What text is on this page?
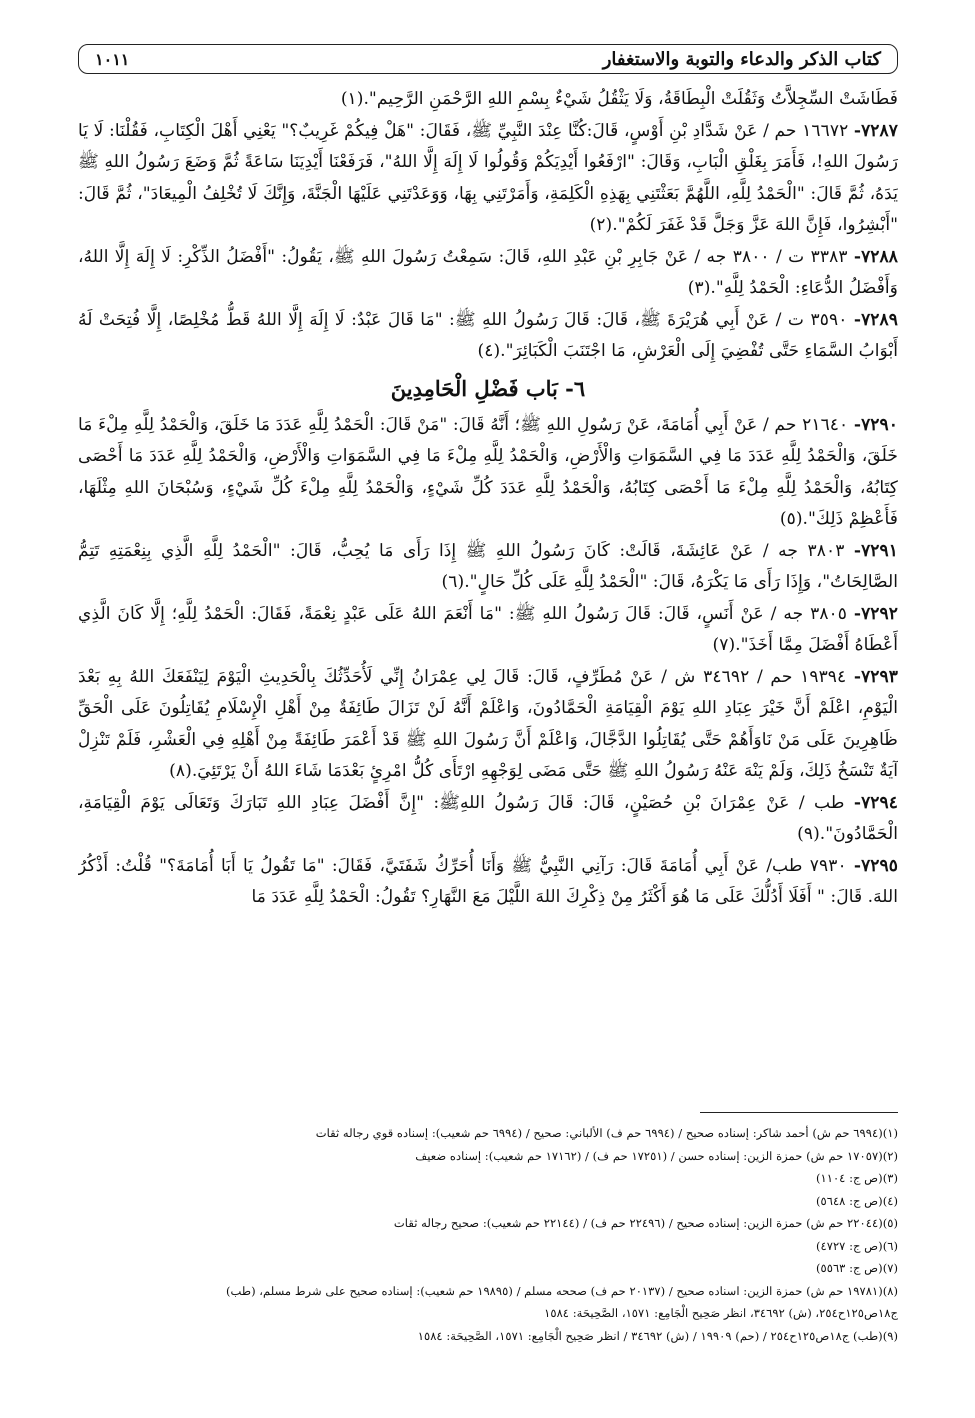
كتاب الذكر والدعاء والتوبة والاستغفار
١٠١١

فَطَاشَتْ السِّجِلاَّتُ وَثَقُلَتْ الْبِطَاقَةُ، وَلَا يَثْقُلُ شَيْءٌ بِسْمِ اللهِ الرَّحْمَنِ الرَّحِيم".(١)

٧٢٨٧- ١٦٦٧٢ حم / عَنْ شَدَّادِ بْنِ أَوْسٍ، قَالَ:كُنَّا عِنْدَ النَّبِيِّ ﷺ، فَقَالَ: "هَلْ فِيكُمْ غَرِيبٌ؟" يَعْنِي أَهْلَ الْكِتَابِ، فَقُلْنَا: لَا يَا رَسُولَ اللهِ!، فَأَمَرَ بِغَلْقِ الْبَابِ، وَقَالَ: "ارْفَعُوا أَيْدِيَكُمْ وَقُولُوا لَا إِلَهَ إِلَّا اللهُ"، فَرَفَعْنَا أَيْدِيَنَا سَاعَةً ثُمَّ وَضَعَ رَسُولُ اللهِ ﷺ يَدَهُ، ثُمَّ قَالَ: "الْحَمْدُ لِلَّهِ، اللَّهُمَّ بَعَثْتَنِي بِهَذِهِ الْكَلِمَةِ، وَأَمَرْتَنِي بِهَا، وَوَعَدْتَنِي عَلَيْهَا الْجَنَّةَ، وَإِنَّكَ لَا تُخْلِفُ الْمِيعَادَ"، ثُمَّ قَالَ: "أَبْشِرُوا، فَإِنَّ اللهَ عَزَّ وَجَلَّ قَدْ غَفَرَ لَكُمْ".(٢)

٧٢٨٨- ٣٣٨٣ ت / ٣٨٠٠ جه / عَنْ جَابِرِ بْنِ عَبْدِ اللهِ، قَالَ: سَمِعْتُ رَسُولَ اللهِ ﷺ، يَقُولُ: "أَفْضَلُ الذِّكْرِ: لَا إِلَهَ إِلَّا اللهُ، وَأَفْضَلُ الدُّعَاءِ: الْحَمْدُ لِلَّهِ".(٣)

٧٢٨٩- ٣٥٩٠ ت / عَنْ أَبِي هُرَيْرَةَ ﷺ، قَالَ: قَالَ رَسُولُ اللهِ ﷺ: "مَا قَالَ عَبْدٌ: لَا إِلَهَ إِلَّا اللهُ قَطُّ مُخْلِصًا، إِلَّا فُتِحَتْ لَهُ أَبْوَابُ السَّمَاءِ حَتَّى تُفْضِيَ إِلَى الْعَرْشِ، مَا اجْتَنَبَ الْكَبَائِرَ".(٤)

٦- بَاب فَضْلِ الْحَامِدِينَ

٧٢٩٠- ٢١٦٤٠ حم / عَنْ أَبِي أُمَامَةَ، عَنْ رَسُولِ اللهِ ﷺ؛ أَنَّهُ قَالَ: "مَنْ قَالَ: الْحَمْدُ لِلَّهِ عَدَدَ مَا خَلَقَ، وَالْحَمْدُ لِلَّهِ مِلْءَ مَا خَلَقَ، وَالْحَمْدُ لِلَّهِ عَدَدَ مَا فِي السَّمَوَاتِ وَالْأَرْضِ، وَالْحَمْدُ لِلَّهِ مِلْءَ مَا فِي السَّمَوَاتِ وَالْأَرْضِ، وَالْحَمْدُ لِلَّهِ عَدَدَ مَا أَحْصَى كِتَابُهُ، وَالْحَمْدُ لِلَّهِ مِلْءَ مَا أَحْصَى كِتَابُهُ، وَالْحَمْدُ لِلَّهِ عَدَدَ كُلِّ شَيْءٍ، وَالْحَمْدُ لِلَّهِ مِلْءَ كُلِّ شَيْءٍ، وَسُبْحَانَ اللهِ مِثْلَهَا، فَأَعْظِمْ ذَلِكَ".(٥)

٧٢٩١- ٣٨٠٣ جه / عَنْ عَائِشَةَ، قَالَتْ: كَانَ رَسُولُ اللهِ ﷺ إِذَا رَأَى مَا يُحِبُّ، قَالَ: "الْحَمْدُ لِلَّهِ الَّذِي بِنِعْمَتِهِ تَتِمُّ الصَّالِحَاتُ"، وَإِذَا رَأَى مَا يَكْرَهُ، قَالَ: "الْحَمْدُ لِلَّهِ عَلَى كُلِّ حَالٍ".(٦)

٧٢٩٢- ٣٨٠٥ جه / عَنْ أَنَسٍ، قَالَ: قَالَ رَسُولُ اللهِ ﷺ: "مَا أَنْعَمَ اللهُ عَلَى عَبْدٍ نِعْمَةً، فَقَالَ: الْحَمْدُ لِلَّهِ؛ إِلَّا كَانَ الَّذِي أَعْطَاهُ أَفْضَلَ مِمَّا أَخَذَ".(٧)

٧٢٩٣- ١٩٣٩٤ حم / ٣٤٦٩٢ ش / عَنْ مُطَرِّفٍ، قَالَ: قَالَ لِي عِمْرَانُ إِنِّي لَأُحَدِّثُكَ بِالْحَدِيثِ الْيَوْمَ لِيَنْفَعَكَ اللهُ بِهِ بَعْدَ الْيَوْمِ، اعْلَمْ أَنَّ خَيْرَ عِبَادِ اللهِ يَوْمَ الْقِيَامَةِ الْحَمَّادُونَ، وَاعْلَمْ أَنَّهُ لَنْ تَزَالَ طَائِفَةٌ مِنْ أَهْلِ الْإِسْلَامِ يُقَاتِلُونَ عَلَى الْحَقِّ ظَاهِرِينَ عَلَى مَنْ نَاوَأَهُمْ حَتَّى يُقَاتِلُوا الدَّجَّالَ، وَاعْلَمْ أَنَّ رَسُولَ اللهِ ﷺ قَدْ أَعْمَرَ طَائِفَةً مِنْ أَهْلِهِ فِي الْعَشْرِ، فَلَمْ تَنْزِلْ آيَةٌ تَنْسَخُ ذَلِكَ، وَلَمْ يَنْهَ عَنْهُ رَسُولُ اللهِ ﷺ حَتَّى مَضَى لِوَجْهِهِ ارْتَأَى كُلُّ امْرِئٍ بَعْدَمَا شَاءَ اللهُ أَنْ يَرْتَئِيَ.(٨)

٧٢٩٤- طب / عَنْ عِمْرَانَ بْنِ حُصَيْنٍ، قَالَ: قَالَ رَسُولُ اللهِﷺ: "إِنَّ أَفْضَلَ عِبَادِ اللهِ تَبَارَكَ وَتَعَالَى يَوْمَ الْقِيَامَةِ، الْحَمَّادُونَ".(٩)

٧٢٩٥- ٧٩٣٠ طب/ عَنْ أَبِي أُمَامَةَ قَالَ: رَآنِي النَّبِيُّ ﷺ وَأَنَا أُحَرِّكُ شَفَتَيَّ، فَقَالَ: "مَا تَقُولُ يَا أَبَا أُمَامَةَ؟" قُلْتُ: أَذْكُرُ اللهَ. قَالَ: " أَفَلَا أَدُلُّكَ عَلَى مَا هُوَ أَكْثَرُ مِنْ ذِكْرِكَ اللهَ اللَّيْلَ مَعَ النَّهَارِ؟ تَقُولُ: الْحَمْدُ لِلَّهِ عَدَدَ مَا

(١)(٦٩٩٤ حم ش) أحمد شاكر: إسناده صحيح / (٦٩٩٤ حم ف) الألباني: صحيح / (٦٩٩٤ حم شعيب): إسناده قوي رجاله ثقات

(٢)(١٧٠٥٧ حم ش) حمزة الزين: إسناده حسن / (١٧٢٥١ حم ف) / (١٧١٦٢ حم شعيب): إسناده ضعيف

(٣)(ص ج: ١١٠٤)

(٤)(ص ج: ٥٦٤٨)

(٥)(٢٢٠٤٤ حم ش) حمزة الزين: إسناده صحيح / (٢٢٤٩٦ حم ف) / (٢٢١٤٤ حم شعيب): صحيح رجاله ثقات

(٦)(ص ج: ٤٧٢٧)

(٧)(ص ج: ٥٥٦٣)

(٨)(١٩٧٨١ حم ش) حمزة الزين: اسناده صحيح / (٢٠١٣٧ حم ف) صححه مسلم / (١٩٨٩٥ حم شعيب): إسناده صحيح على شرط مسلم، (طب)

ج١٨ص١٢٥ح٢٥٤، (ش) ٣٤٦٩٢، انظر صَحِيح الْجَامِع: ١٥٧١، الصَّحِيحَة: ١٥٨٤

(٩)(طب) ج١٨ص١٢٥ح٢٥٤ / (حم) ١٩٩٠٩ / (ش) ٣٤٦٩٢ / انظر صَحِيح الْجَامِع: ١٥٧١، الصَّحِيحَة: ١٥٨٤
